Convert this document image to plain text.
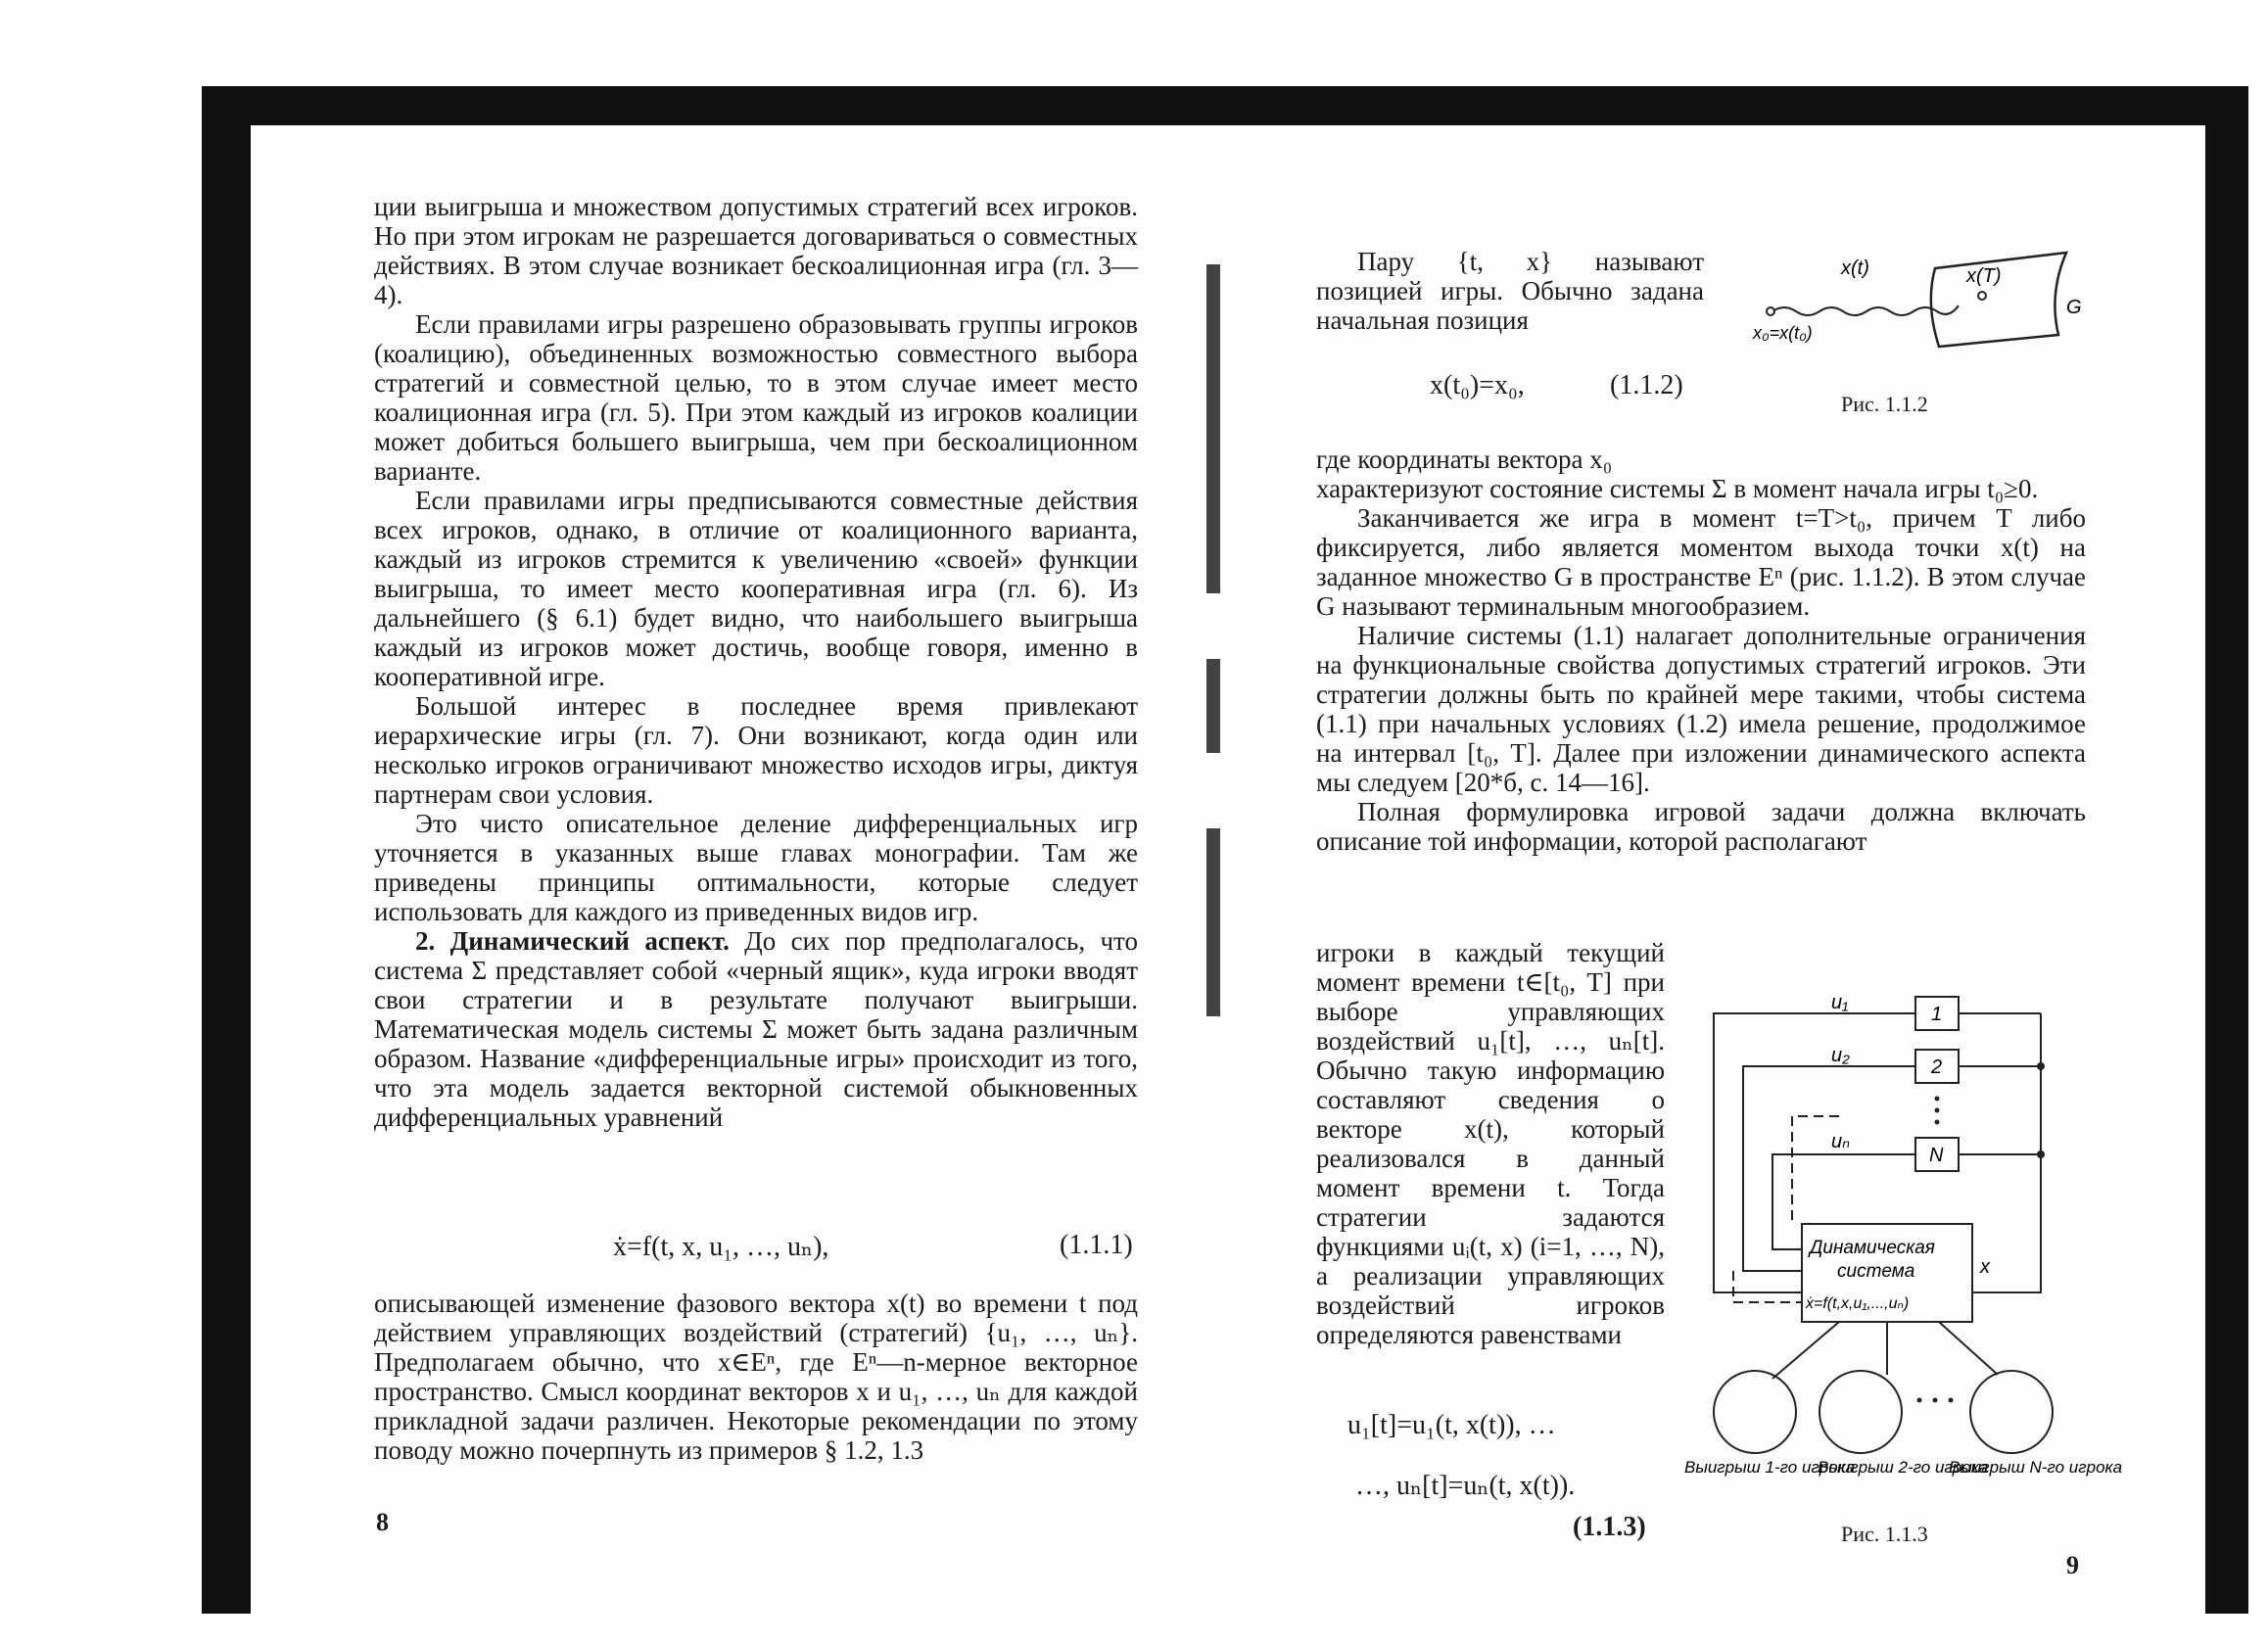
ции выигрыша и множеством допустимых стратегий всех игроков. Но при этом игрокам не разрешается договариваться о совместных действиях. В этом случае возникает бескоалиционная игра (гл. 3—4).

Если правилами игры разрешено образовывать группы игроков (коалицию), объединенных возможностью совместного выбора стратегий и совместной целью, то в этом случае имеет место коалиционная игра (гл. 5). При этом каждый из игроков коалиции может добиться большего выигрыша, чем при бескоалиционном варианте.

Если правилами игры предписываются совместные действия всех игроков, однако, в отличие от коалиционного варианта, каждый из игроков стремится к увеличению «своей» функции выигрыша, то имеет место кооперативная игра (гл. 6). Из дальнейшего (§ 6.1) будет видно, что наибольшего выигрыша каждый из игроков может достичь, вообще говоря, именно в кооперативной игре.

Большой интерес в последнее время привлекают иерархические игры (гл. 7). Они возникают, когда один или несколько игроков ограничивают множество исходов игры, диктуя партнерам свои условия.

Это чисто описательное деление дифференциальных игр уточняется в указанных выше главах монографии. Там же приведены принципы оптимальности, которые следует использовать для каждого из приведенных видов игр.

2. Динамический аспект. До сих пор предполагалось, что система Σ представляет собой «черный ящик», куда игроки вводят свои стратегии и в результате получают выигрыши. Математическая модель системы Σ может быть задана различным образом. Название «дифференциальные игры» происходит из того, что эта модель задается векторной системой обыкновенных дифференциальных уравнений

ẋ=f(t, x, u₁, …, uₙ),	(1.1.1)

описывающей изменение фазового вектора x(t) во времени t под действием управляющих воздействий (стратегий) {u₁, …, uₙ}. Предполагаем обычно, что x∈Eⁿ, где Eⁿ—n-мерное векторное пространство. Смысл координат векторов x и u₁, …, uₙ для каждой прикладной задачи различен. Некоторые рекомендации по этому поводу можно почерпнуть из примеров § 1.2, 1.3

8

Пару {t, x} называют позицией игры. Обычно задана начальная позиция

x(t₀)=x₀,	(1.1.2)
x(t)	x(T)
x₀=x(t₀)
G
Рис. 1.1.2

где координаты вектора x₀

характеризуют состояние системы Σ в момент начала игры t₀≥0.

Заканчивается же игра в момент t=T>t₀, причем T либо фиксируется, либо является моментом выхода точки x(t) на заданное множество G в пространстве Eⁿ (рис. 1.1.2). В этом случае G называют терминальным многообразием.

Наличие системы (1.1) налагает дополнительные ограничения на функциональные свойства допустимых стратегий игроков. Эти стратегии должны быть по крайней мере такими, чтобы система (1.1) при начальных условиях (1.2) имела решение, продолжимое на интервал [t₀, T]. Далее при изложении динамического аспекта мы следуем [20*б, с. 14—16].

Полная формулировка игровой задачи должна включать описание той информации, которой располагают

игроки в каждый текущий момент времени t∈[t₀, T] при выборе управляющих воздействий u₁[t], …, uₙ[t]. Обычно такую информацию составляют сведения о векторе x(t), который реализовался в данный момент времени t. Тогда стратегии задаются функциями uᵢ(t, x) (i=1, …, N), а реализации управляющих воздействий игроков определяются равенствами

u₁[t]=u₁(t, x(t)), …
…, uₙ[t]=uₙ(t, x(t)).
(1.1.3)
u₁
u₂
uₙ
1
2
N
Динамическая
система
ẋ=f(t,x,u₁,...,uₙ)
x
Выигрыш 1-го игрока
Выигрыш 2-го игрока
Выигрыш N-го игрока
Рис. 1.1.3
9
